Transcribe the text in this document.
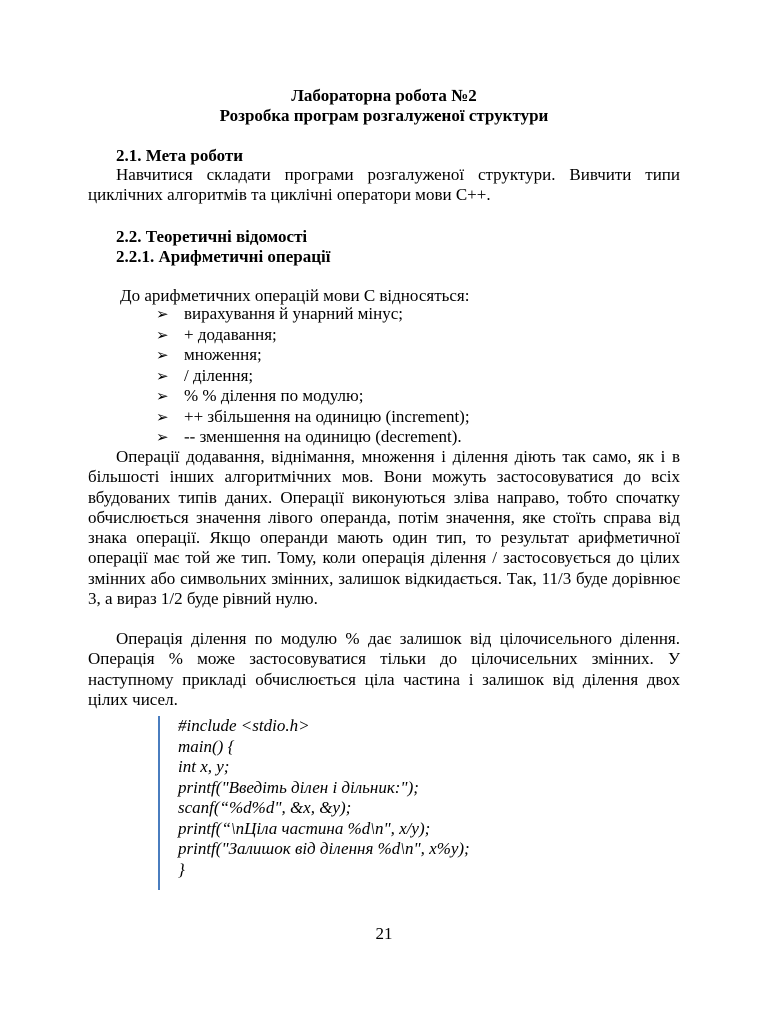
Лабораторна робота №2
Розробка програм розгалуженої структури
2.1. Мета роботи
Навчитися складати програми розгалуженої структури. Вивчити типи циклічних алгоритмів та циклічні оператори мови С++.
2.2. Теоретичні відомості
2.2.1. Арифметичні операції
До арифметичних операцій мови С відносяться:
➢ вирахування й унарний мінус;
➢ + додавання;
➢ множення;
➢ / ділення;
➢ % % ділення по модулю;
➢ ++ збільшення на одиницю (increment);
➢ -- зменшення на одиницю (decrement).
Операції додавання, віднімання, множення і ділення діють так само, як і в більшості інших алгоритмічних мов. Вони можуть застосовуватися до всіх вбудованих типів даних. Операції виконуються зліва направо, тобто спочатку обчислюється значення лівого операнда, потім значення, яке стоїть справа від знака операції. Якщо операнди мають один тип, то результат арифметичної операції має той же тип. Тому, коли операція ділення / застосовується до цілих змінних або символьних змінних, залишок відкидається. Так, 11/3 буде дорівнює 3, а вираз 1/2 буде рівний нулю.
Операція ділення по модулю % дає залишок від цілочисельного ділення. Операція % може застосовуватися тільки до цілочисельних змінних. У наступному прикладі обчислюється ціла частина і залишок від ділення двох цілих чисел.
#include <stdio.h>
main() {
int x, y;
printf("Введіть ділен і дільник:");
scanf(“%d%d", &x, &y);
printf(“\nЦіла частина %d\n", x/y);
printf("Залишок від ділення %d\n", x%y);
}
21
